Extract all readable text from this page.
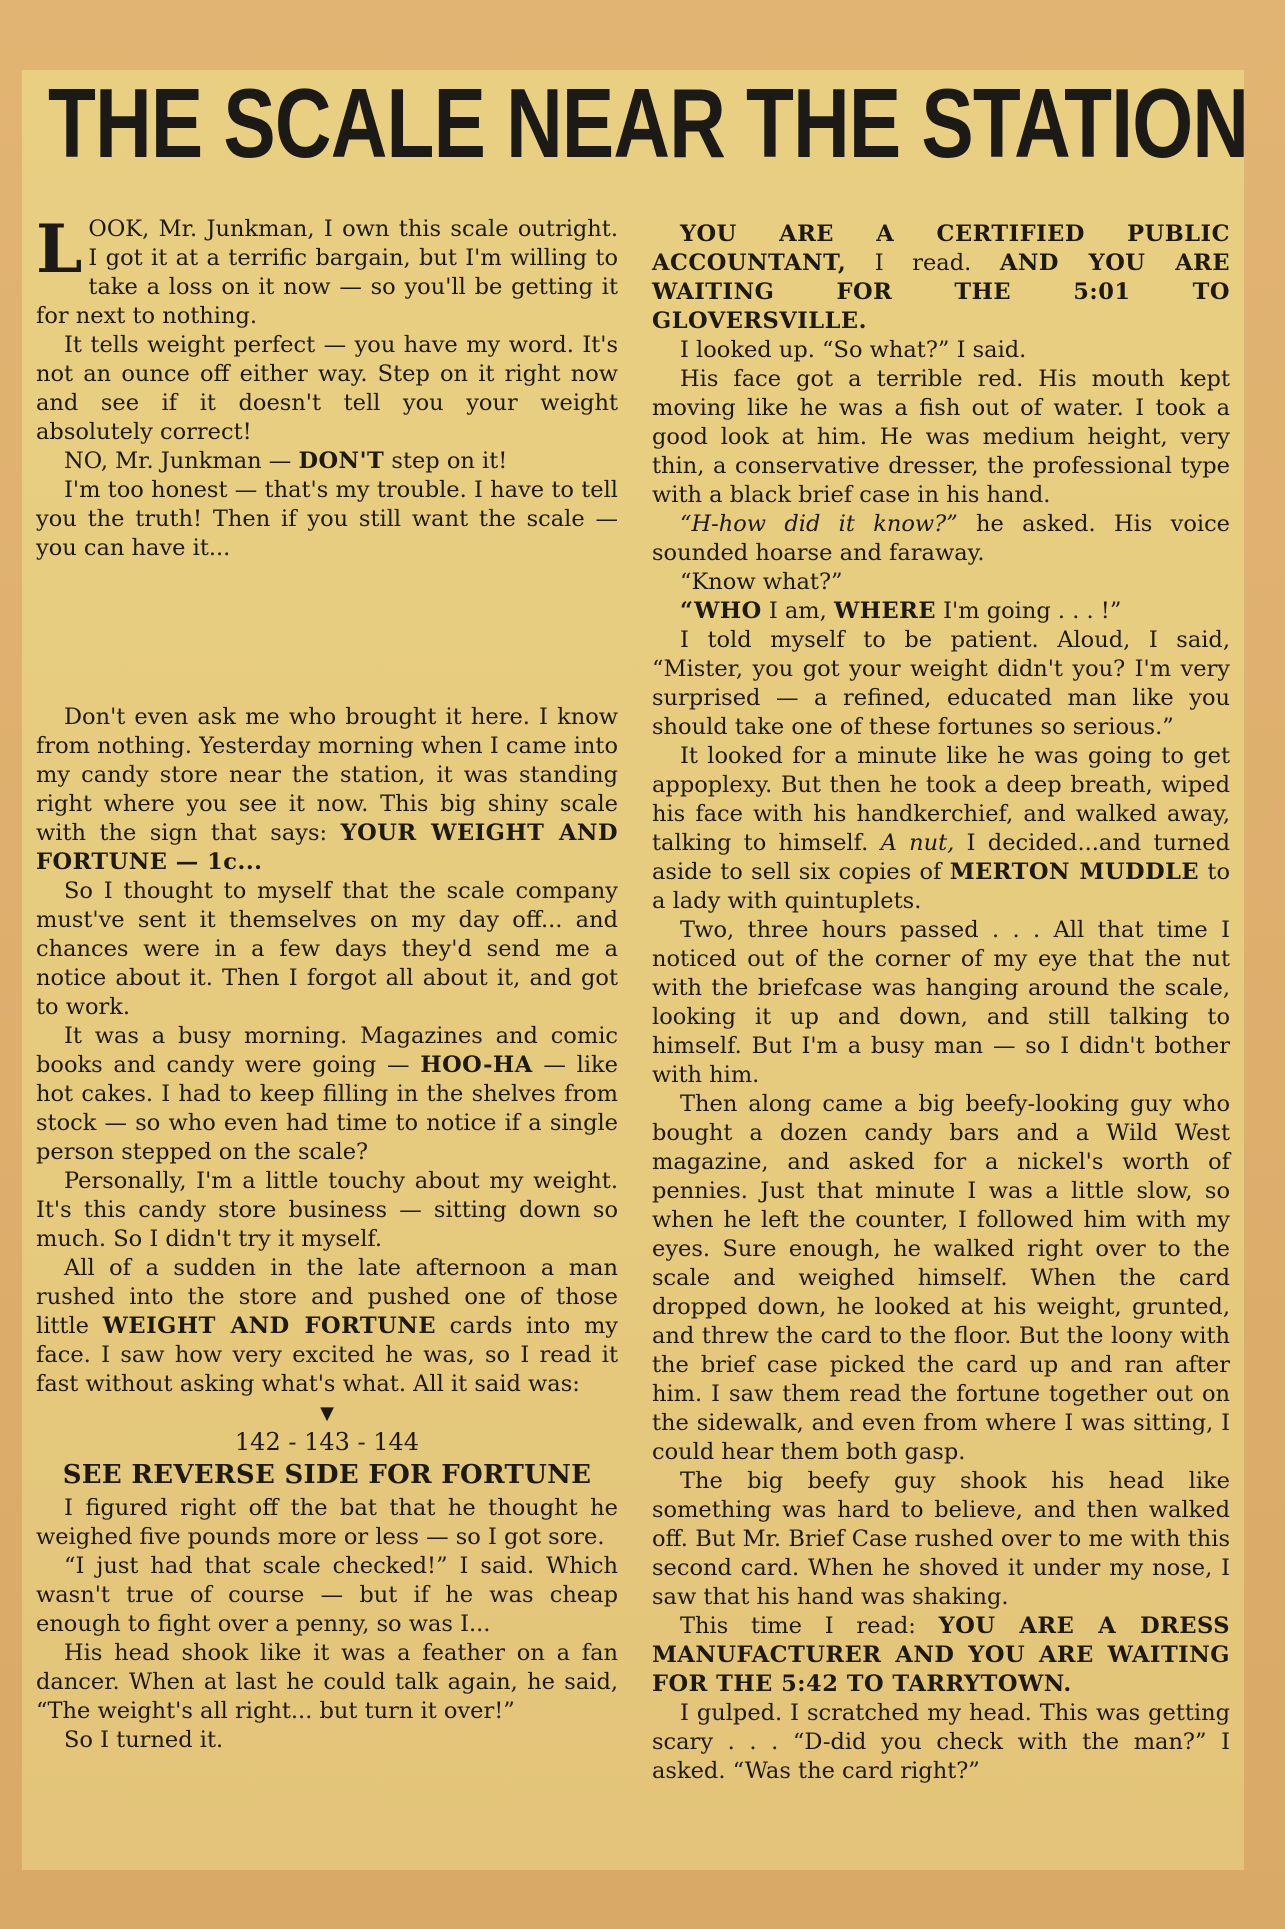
THE SCALE NEAR THE STATION

LOOK, Mr. Junkman, I own this scale outright. I got it at a terrific bargain, but I'm willing to take a loss on it now — so you'll be getting it for next to nothing.

It tells weight perfect — you have my word. It's not an ounce off either way. Step on it right now and see if it doesn't tell you your weight absolutely correct!

NO, Mr. Junkman — DON'T step on it!

I'm too honest — that's my trouble. I have to tell you the truth! Then if you still want the scale — you can have it...

Don't even ask me who brought it here. I know from nothing. Yesterday morning when I came into my candy store near the station, it was standing right where you see it now. This big shiny scale with the sign that says: YOUR WEIGHT AND FORTUNE — 1c...

So I thought to myself that the scale company must've sent it themselves on my day off... and chances were in a few days they'd send me a notice about it. Then I forgot all about it, and got to work.

It was a busy morning. Magazines and comic books and candy were going — HOO-HA — like hot cakes. I had to keep filling in the shelves from stock — so who even had time to notice if a single person stepped on the scale?

Personally, I'm a little touchy about my weight. It's this candy store business — sitting down so much. So I didn't try it myself.

All of a sudden in the late afternoon a man rushed into the store and pushed one of those little WEIGHT AND FORTUNE cards into my face. I saw how very excited he was, so I read it fast without asking what's what. All it said was:

▼

142 - 143 - 144

SEE REVERSE SIDE FOR FORTUNE

I figured right off the bat that he thought he weighed five pounds more or less — so I got sore.

“I just had that scale checked!” I said. Which wasn't true of course — but if he was cheap enough to fight over a penny, so was I...

His head shook like it was a feather on a fan dancer. When at last he could talk again, he said, “The weight's all right... but turn it over!”

So I turned it.

YOU ARE A CERTIFIED PUBLIC ACCOUNTANT, I read. AND YOU ARE WAITING FOR THE 5:01 TO GLOVERSVILLE.

I looked up. “So what?” I said.

His face got a terrible red. His mouth kept moving like he was a fish out of water. I took a good look at him. He was medium height, very thin, a conservative dresser, the professional type with a black brief case in his hand.

“H-how did it know?” he asked. His voice sounded hoarse and faraway.

“Know what?”

“WHO I am, WHERE I'm going . . . !”

I told myself to be patient. Aloud, I said, “Mister, you got your weight didn't you? I'm very surprised — a refined, educated man like you should take one of these fortunes so serious.”

It looked for a minute like he was going to get appoplexy. But then he took a deep breath, wiped his face with his handkerchief, and walked away, talking to himself. A nut, I decided...and turned aside to sell six copies of MERTON MUDDLE to a lady with quintuplets.

Two, three hours passed . . . All that time I noticed out of the corner of my eye that the nut with the briefcase was hanging around the scale, looking it up and down, and still talking to himself. But I'm a busy man — so I didn't bother with him.

Then along came a big beefy-looking guy who bought a dozen candy bars and a Wild West magazine, and asked for a nickel's worth of pennies. Just that minute I was a little slow, so when he left the counter, I followed him with my eyes. Sure enough, he walked right over to the scale and weighed himself. When the card dropped down, he looked at his weight, grunted, and threw the card to the floor. But the loony with the brief case picked the card up and ran after him. I saw them read the fortune together out on the sidewalk, and even from where I was sitting, I could hear them both gasp.

The big beefy guy shook his head like something was hard to believe, and then walked off. But Mr. Brief Case rushed over to me with this second card. When he shoved it under my nose, I saw that his hand was shaking.

This time I read: YOU ARE A DRESS MANUFACTURER AND YOU ARE WAITING FOR THE 5:42 TO TARRYTOWN.

I gulped. I scratched my head. This was getting scary . . . “D-did you check with the man?” I asked. “Was the card right?”
